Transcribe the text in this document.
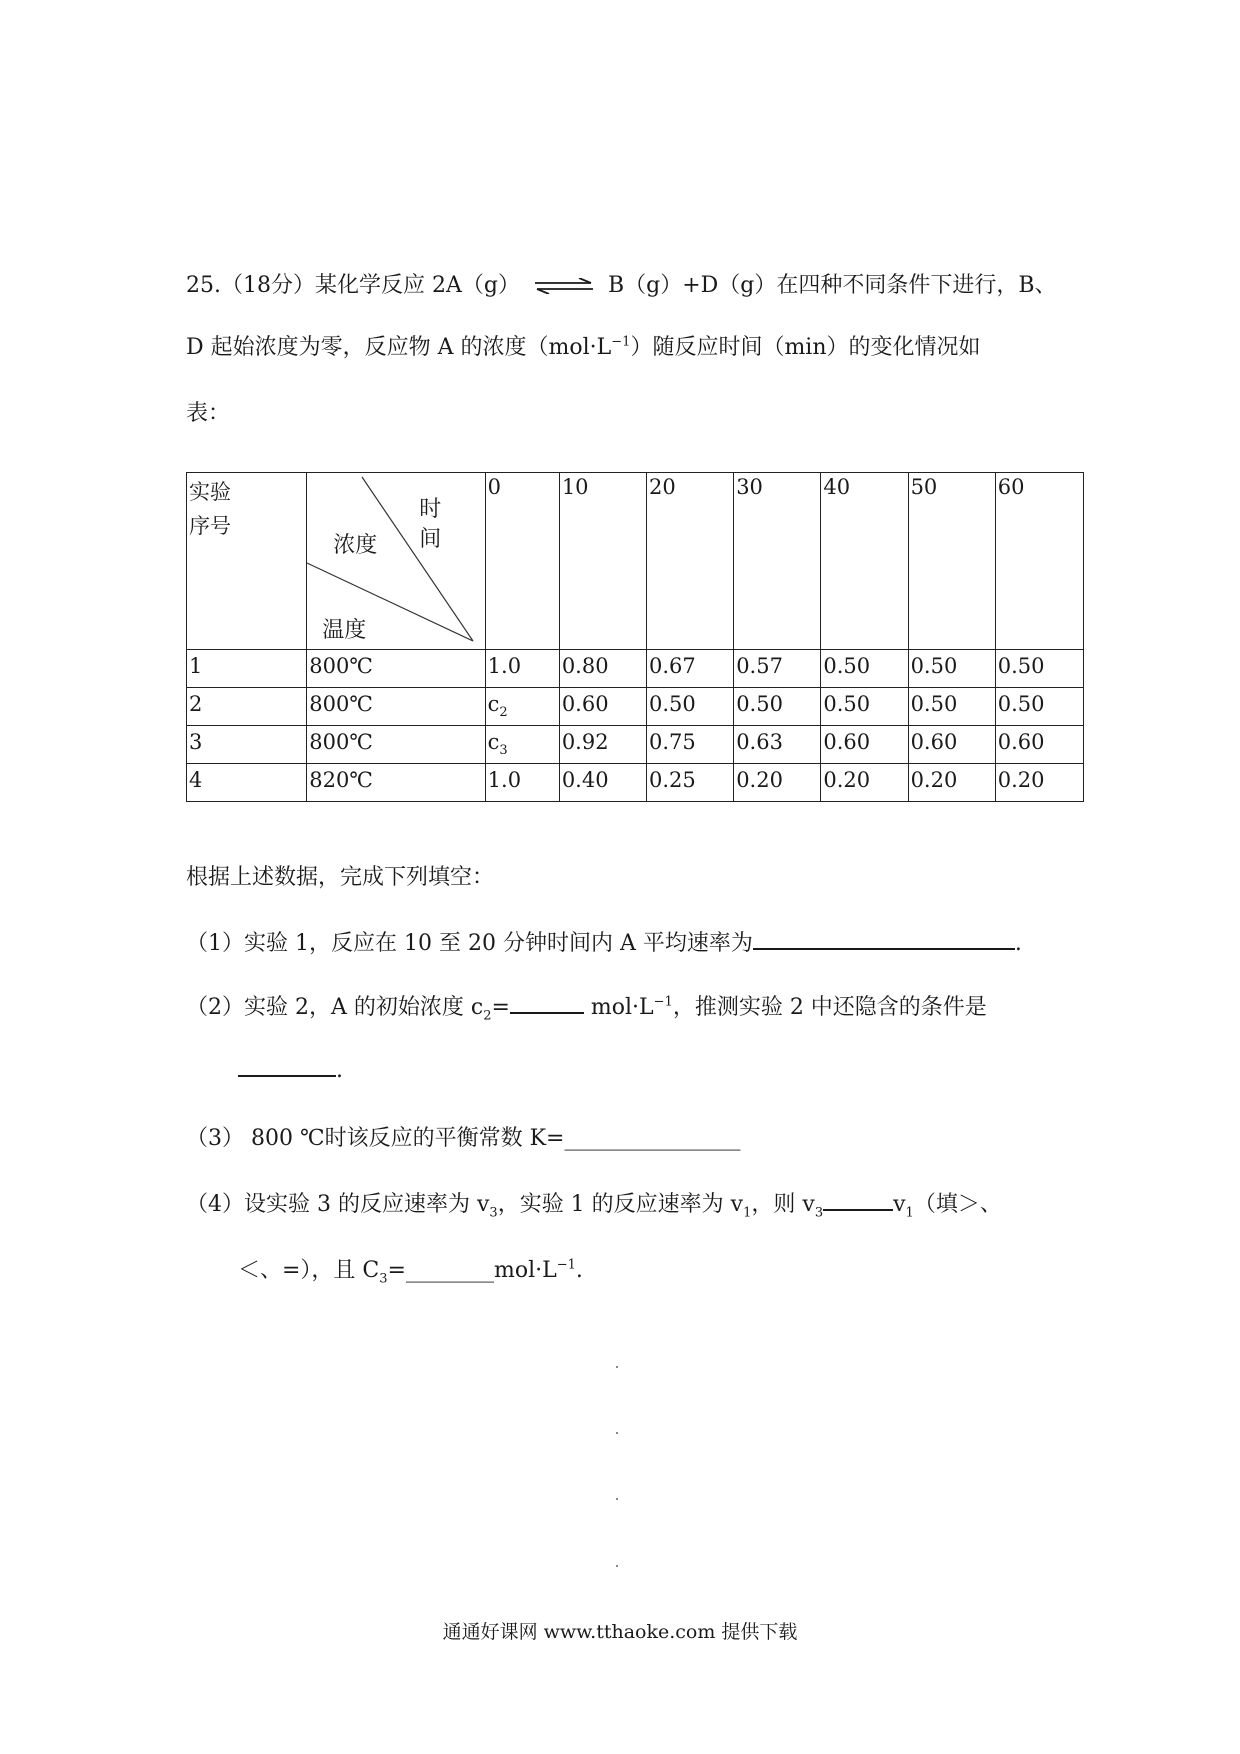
25.（18分）某化学反应 2A（g） ⇌ B（g）+D（g）在四种不同条件下进行，B、
D 起始浓度为零，反应物 A 的浓度$(mol\cdot L^{-1})$随反应时间（min）的变化情况如
表：
实验序号	时间
浓度
温度	0	10	20	30	40	50	60
1	800℃	1.0	0.80	0.67	0.57	0.50	0.50	0.50
2	800℃	$c_2$	0.60	0.50	0.50	0.50	0.50	0.50
3	800℃	$c_3$	0.92	0.75	0.63	0.60	0.60	0.60
4	820℃	1.0	0.40	0.25	0.20	0.20	0.20	0.20
根据上述数据，完成下列填空：
（1）实验 1，反应在 10 至 20 分钟时间内 A 平均速率为	.
（2）实验 2，A 的初始浓度 $c_2=$	$mol\cdot L^{-1}$，推测实验 2 中还隐含的条件是
.
（3） 800 ℃时该反应的平衡常数 K=________________
（4）设实验 3 的反应速率为 $v_3$，实验 1 的反应速率为 $v_1$，则 $v_3$	$v_1$（填＞、
＜、=），且 $C_3=\_\_\_\_\_\_\_\_mol\cdot L^{-1}$.
通通好课网 www.tthaoke.com 提供下载
